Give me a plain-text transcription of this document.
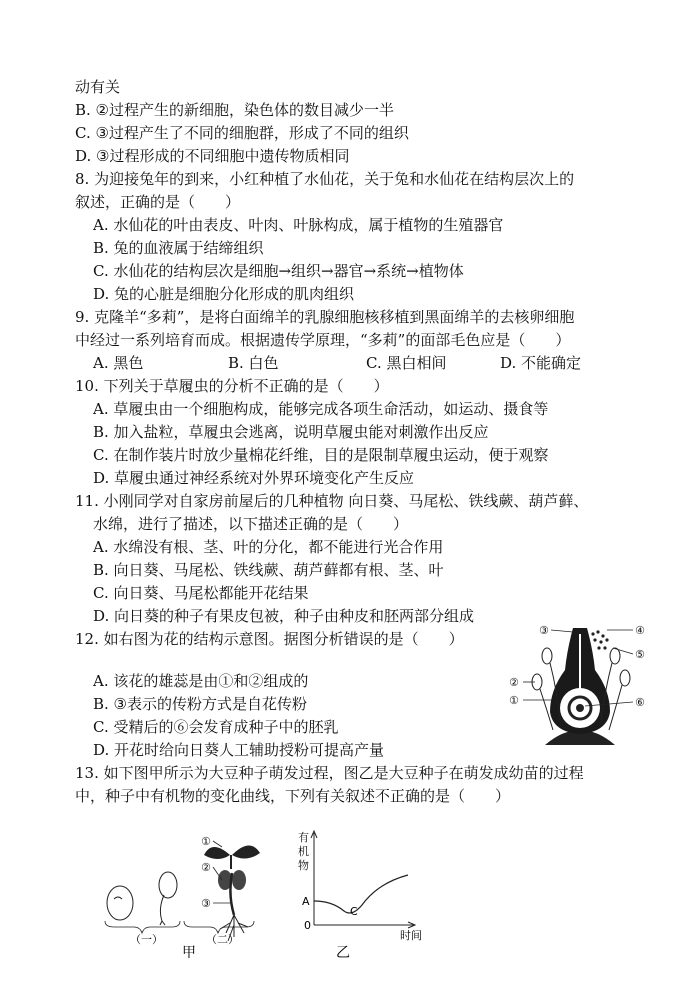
动有关
B. ②过程产生的新细胞，染色体的数目减少一半
C. ③过程产生了不同的细胞群，形成了不同的组织
D. ③过程形成的不同细胞中遗传物质相同
8. 为迎接兔年的到来，小红种植了水仙花，关于兔和水仙花在结构层次上的
叙述，正确的是（　　）
A. 水仙花的叶由表皮、叶肉、叶脉构成，属于植物的生殖器官
B. 兔的血液属于结缔组织
C. 水仙花的结构层次是细胞→组织→器官→系统→植物体
D. 兔的心脏是细胞分化形成的肌肉组织
9. 克隆羊“多莉”，是将白面绵羊的乳腺细胞核移植到黑面绵羊的去核卵细胞
中经过一系列培育而成。根据遗传学原理，“多莉”的面部毛色应是（　　）
A. 黑色	B. 白色	C. 黑白相间	D. 不能确定
10. 下列关于草履虫的分析不正确的是（　　）
A. 草履虫由一个细胞构成，能够完成各项生命活动，如运动、摄食等
B. 加入盐粒，草履虫会逃离，说明草履虫能对刺激作出反应
C. 在制作装片时放少量棉花纤维，目的是限制草履虫运动，便于观察
D. 草履虫通过神经系统对外界环境变化产生反应
11. 小刚同学对自家房前屋后的几种植物 向日葵、马尾松、铁线蕨、葫芦藓、
水绵，进行了描述，以下描述正确的是（　　）
A. 水绵没有根、茎、叶的分化，都不能进行光合作用
B. 向日葵、马尾松、铁线蕨、葫芦藓都有根、茎、叶
C. 向日葵、马尾松都能开花结果
D. 向日葵的种子有果皮包被，种子由种皮和胚两部分组成
12. 如右图为花的结构示意图。据图分析错误的是（　　）
A. 该花的雄蕊是由①和②组成的
B. ③表示的传粉方式是自花传粉
C. 受精后的⑥会发育成种子中的胚乳
D. 开花时给向日葵人工辅助授粉可提高产量
13. 如下图甲所示为大豆种子萌发过程，图乙是大豆种子在萌发成幼苗的过程
中，种子中有机物的变化曲线，下列有关叙述不正确的是（　　）
③	④
⑤
②
①	⑥
①
②
③
（一）	（二）
甲
有
机
物
A
C
0
时间
乙
